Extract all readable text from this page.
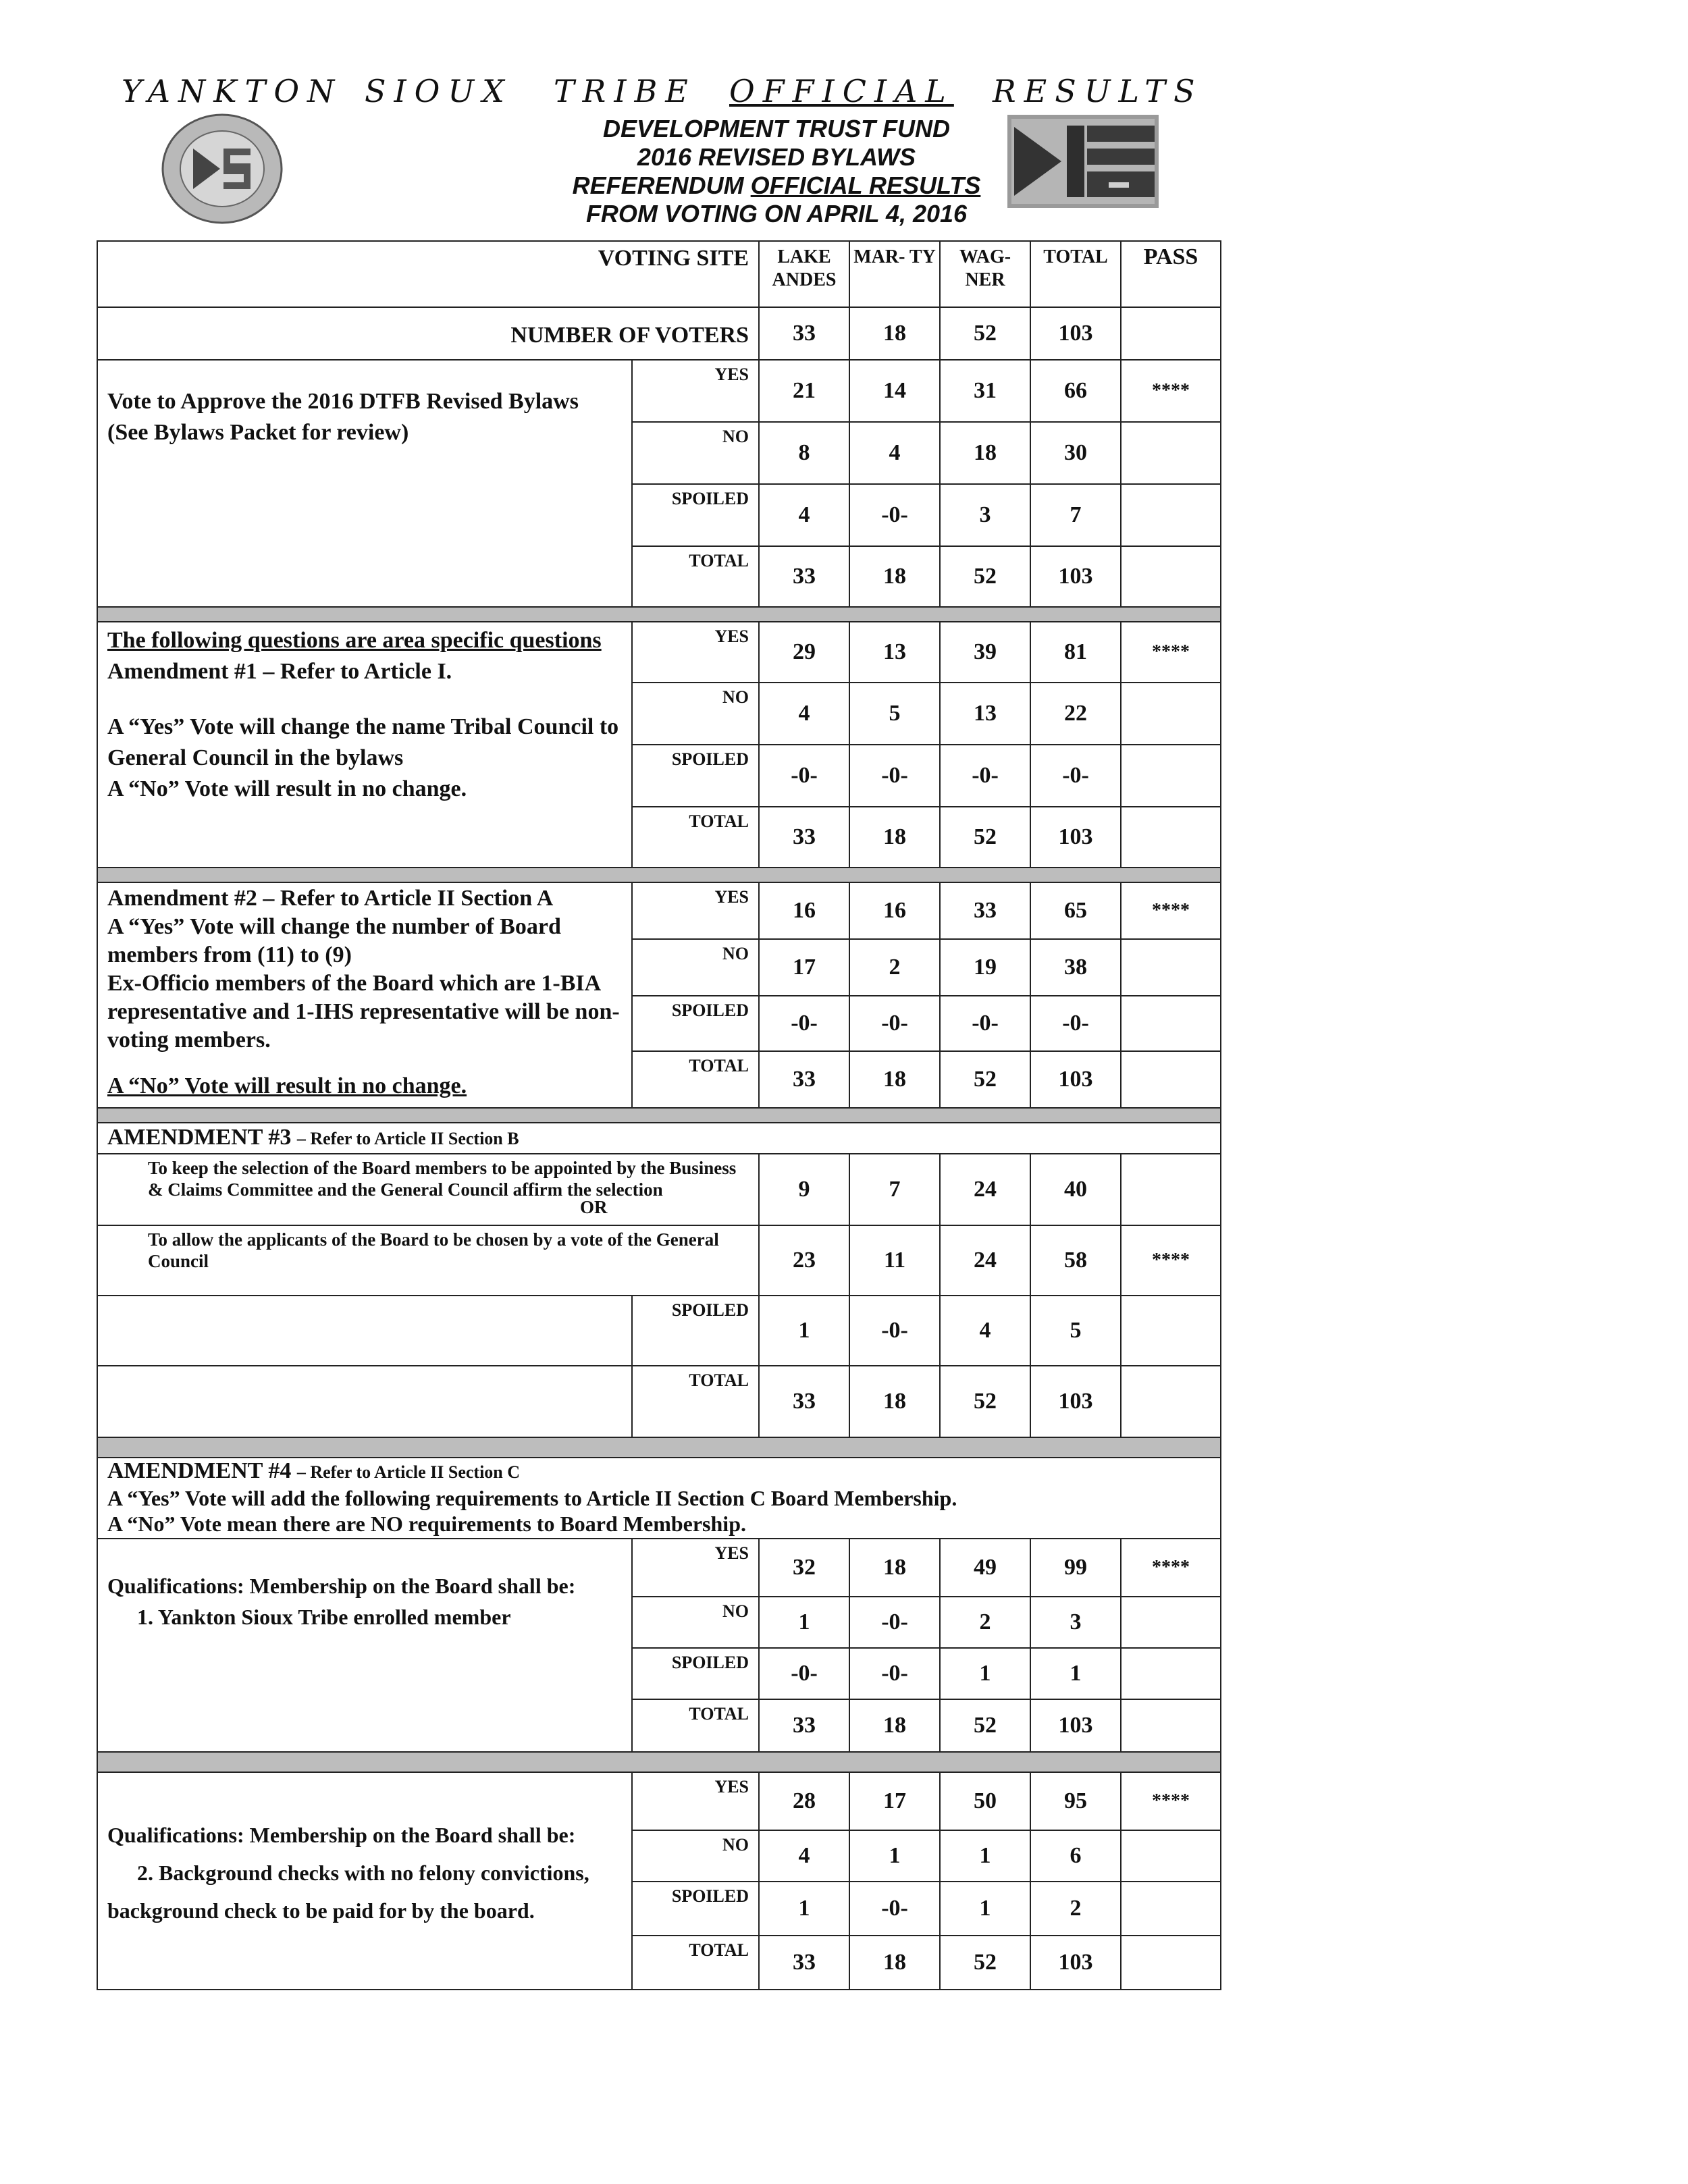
YANKTON SIOUX TRIBE OFFICIAL RESULTS
DEVELOPMENT TRUST FUND
2016 REVISED BYLAWS
REFERENDUM OFFICIAL RESULTS
FROM VOTING ON APRIL 4, 2016
VOTING SITE		LAKE ANDES	MAR- TY	WAG- NER	TOTAL	PASS
NUMBER OF VOTERS		33	18	52	103	
Vote to Approve the 2016 DTFB Revised Bylaws (See Bylaws Packet for review)	YES	21	14	31	66	****
	NO	8	4	18	30	
	SPOILED	4	-0-	3	7	
	TOTAL	33	18	52	103	

The following questions are area specific questions
Amendment #1 – Refer to Article I.
A “Yes” Vote will change the name Tribal Council to General Council in the bylaws
A “No” Vote will result in no change.	YES	29	13	39	81	****
	NO	4	5	13	22	
	SPOILED	-0-	-0-	-0-	-0-	
	TOTAL	33	18	52	103	

Amendment #2 – Refer to Article II Section A
A “Yes” Vote will change the number of Board members from (11) to (9)
Ex-Officio members of the Board which are 1-BIA representative and 1-IHS representative will be non-voting members.
A “No” Vote will result in no change.	YES	16	16	33	65	****
	NO	17	2	19	38	
	SPOILED	-0-	-0-	-0-	-0-	
	TOTAL	33	18	52	103	

AMENDMENT #3 – Refer to Article II Section B						

To keep the selection of the Board members to be appointed by the Business & Claims Committee and the General Council affirm the selection
OR		9	7	24	40	

To allow the applicants of the Board to be chosen by a vote of the General Council		23	11	24	58	****
	SPOILED	1	-0-	4	5	
	TOTAL	33	18	52	103	

AMENDMENT #4 – Refer to Article II Section C
A “Yes” Vote will add the following requirements to Article II Section C Board Membership.
A “No” Vote mean there are NO requirements to Board Membership.						

Qualifications: Membership on the Board shall be:
1. Yankton Sioux Tribe enrolled member	YES	32	18	49	99	****
	NO	1	-0-	2	3	
	SPOILED	-0-	-0-	1	1	
	TOTAL	33	18	52	103	

Qualifications: Membership on the Board shall be:
2. Background checks with no felony convictions,
background check to be paid for by the board.	YES	28	17	50	95	****
	NO	4	1	1	6	
	SPOILED	1	-0-	1	2	
	TOTAL	33	18	52	103	
